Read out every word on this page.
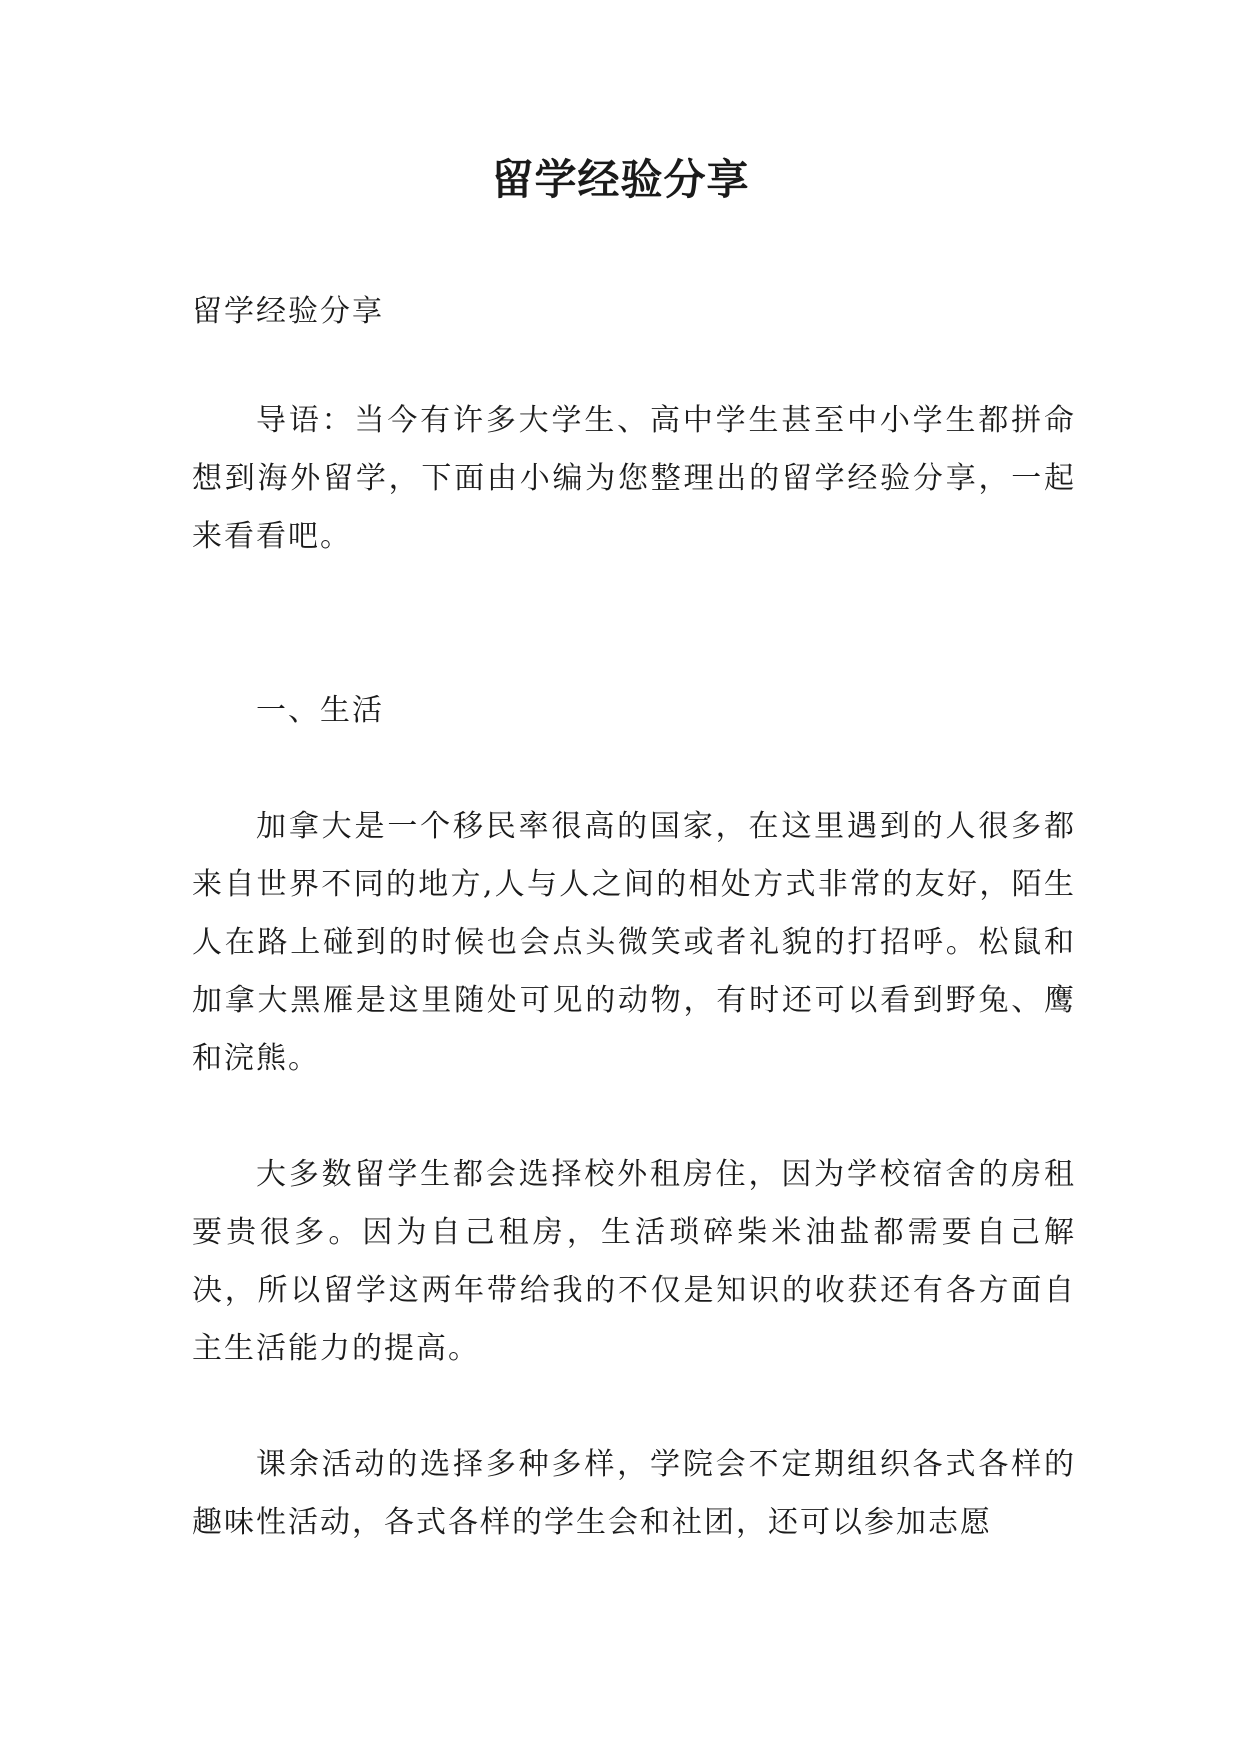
留学经验分享

留学经验分享

导语：当今有许多大学生、高中学生甚至中小学生都拼命想到海外留学，下面由小编为您整理出的留学经验分享，一起来看看吧。

一、生活

加拿大是一个移民率很高的国家，在这里遇到的人很多都来自世界不同的地方,人与人之间的相处方式非常的友好，陌生人在路上碰到的时候也会点头微笑或者礼貌的打招呼。松鼠和加拿大黑雁是这里随处可见的动物，有时还可以看到野兔、鹰和浣熊。

大多数留学生都会选择校外租房住，因为学校宿舍的房租要贵很多。因为自己租房，生活琐碎柴米油盐都需要自己解决，所以留学这两年带给我的不仅是知识的收获还有各方面自主生活能力的提高。

课余活动的选择多种多样，学院会不定期组织各式各样的趣味性活动，各式各样的学生会和社团，还可以参加志愿
